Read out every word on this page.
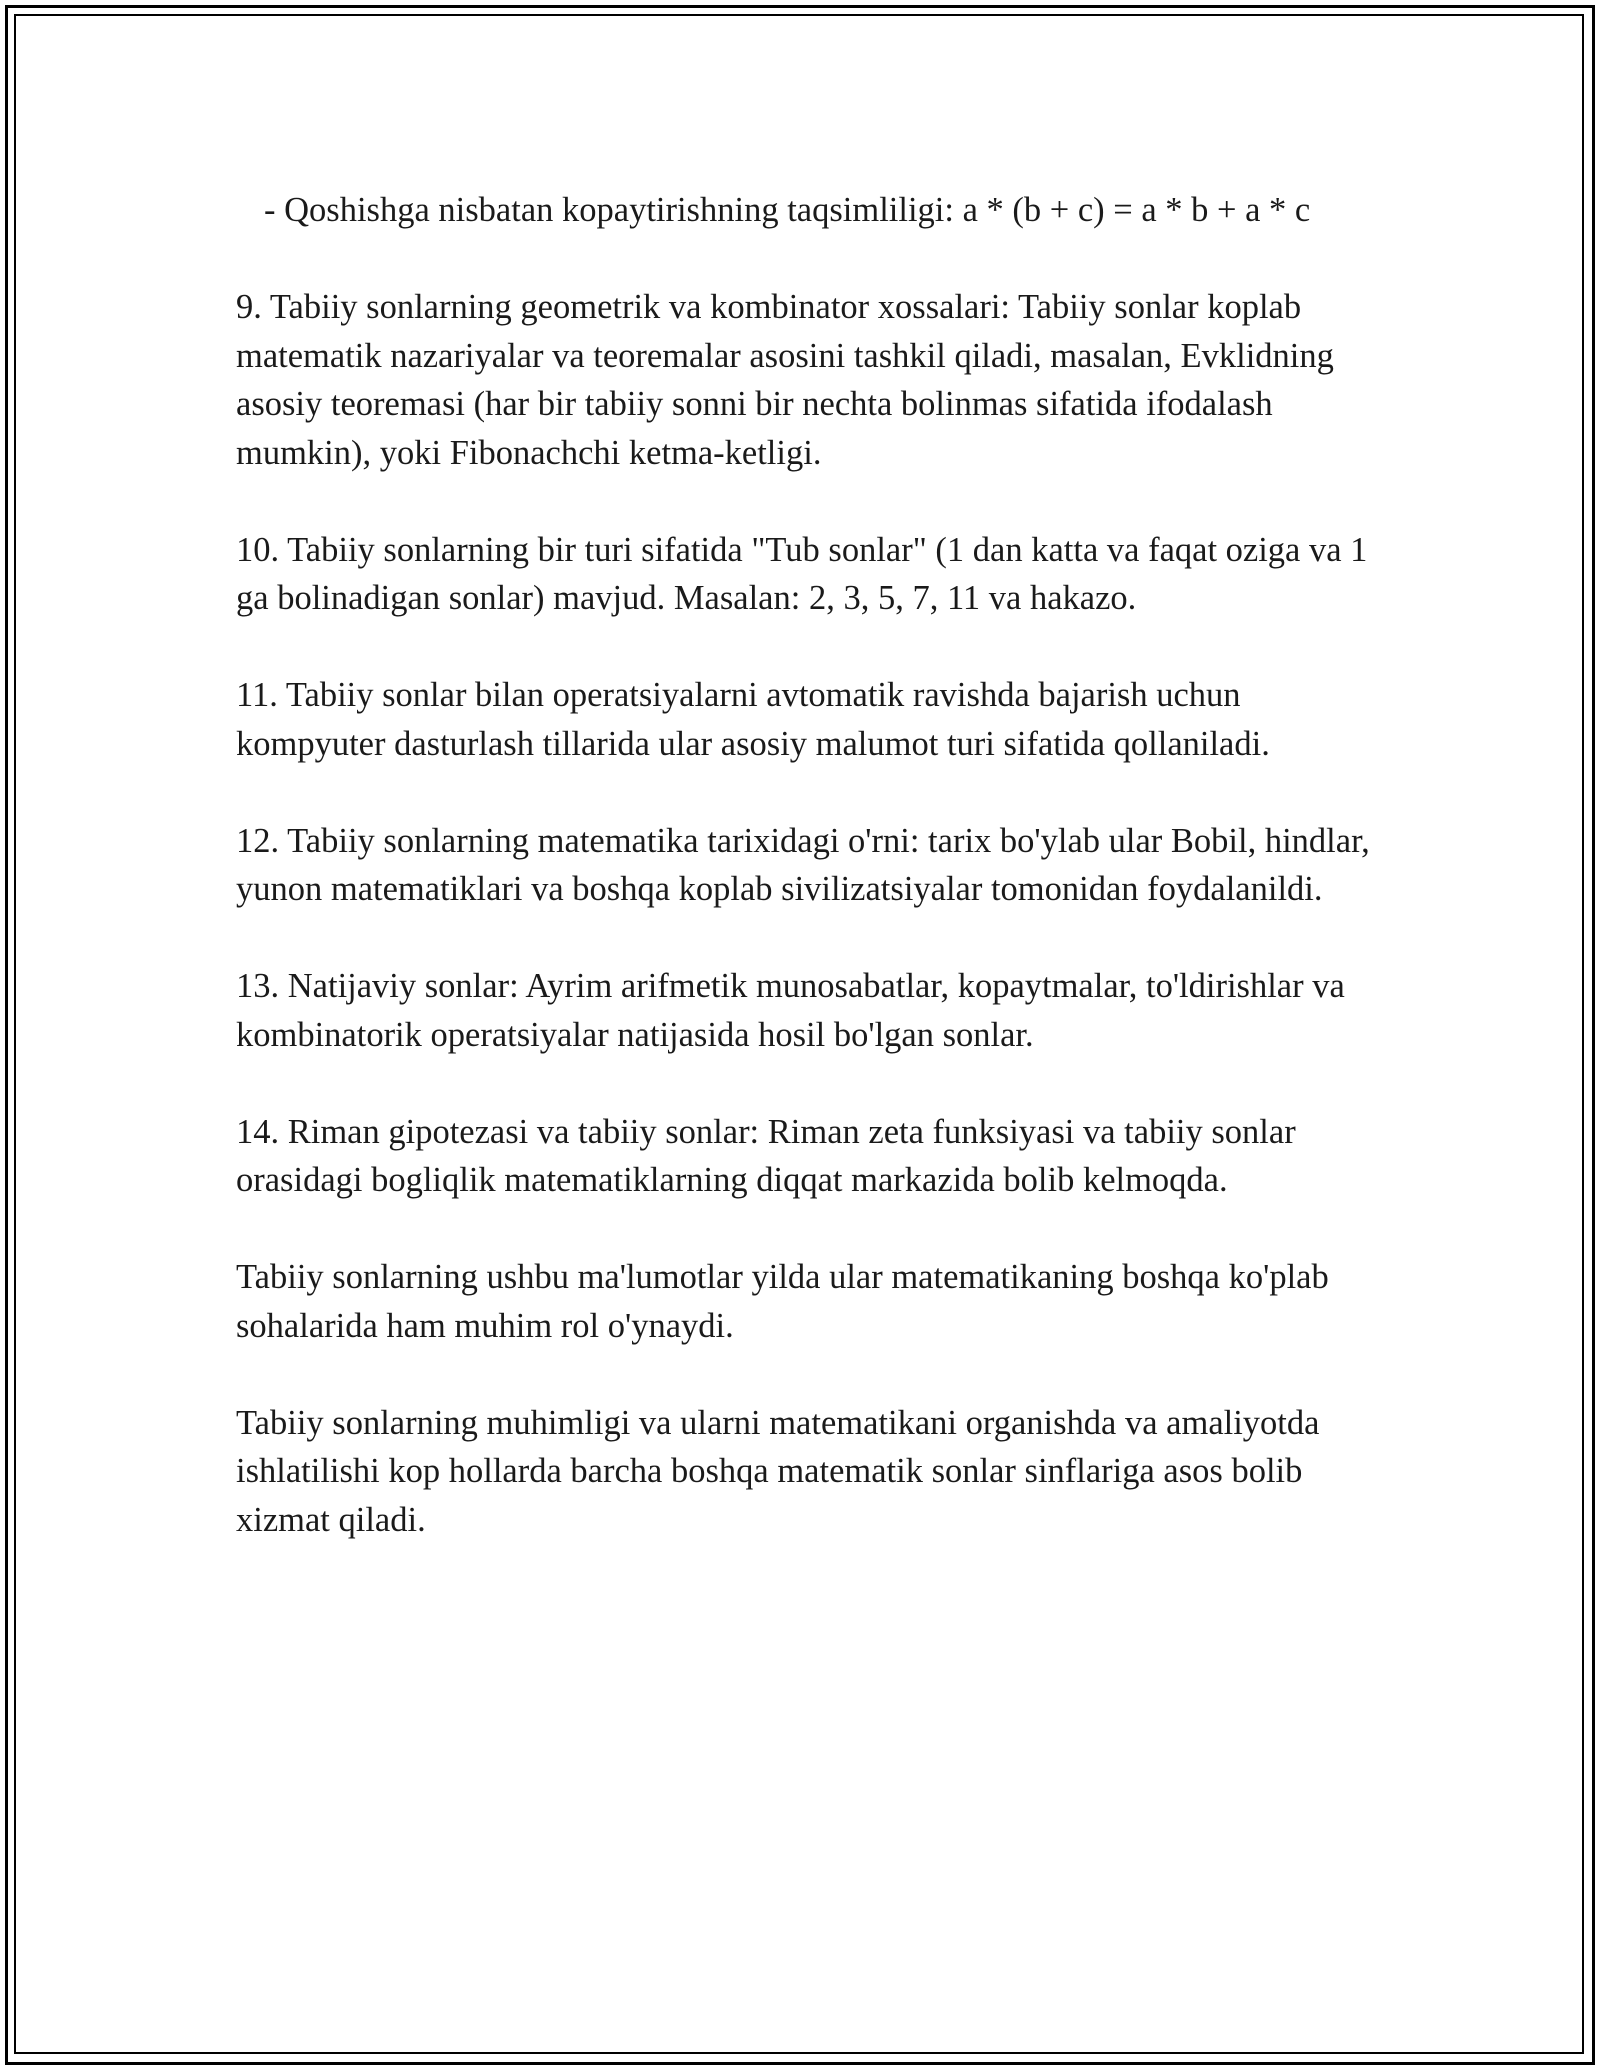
- Qoshishga nisbatan kopaytirishning taqsimliligi: a * (b + c) = a * b + a * c

9. Tabiiy sonlarning geometrik va kombinator xossalari: Tabiiy sonlar koplab matematik nazariyalar va teoremalar asosini tashkil qiladi, masalan, Evklidning asosiy teoremasi (har bir tabiiy sonni bir nechta bolinmas sifatida ifodalash mumkin), yoki Fibonachchi ketma-ketligi.

10. Tabiiy sonlarning bir turi sifatida "Tub sonlar" (1 dan katta va faqat oziga va 1 ga bolinadigan sonlar) mavjud. Masalan: 2, 3, 5, 7, 11 va hakazo.

11. Tabiiy sonlar bilan operatsiyalarni avtomatik ravishda bajarish uchun kompyuter dasturlash tillarida ular asosiy malumot turi sifatida qollaniladi.

12. Tabiiy sonlarning matematika tarixidagi o'rni: tarix bo'ylab ular Bobil, hindlar, yunon matematiklari va boshqa koplab sivilizatsiyalar tomonidan foydalanildi.

13. Natijaviy sonlar: Ayrim arifmetik munosabatlar, kopaytmalar, to'ldirishlar va kombinatorik operatsiyalar natijasida hosil bo'lgan sonlar.

14. Riman gipotezasi va tabiiy sonlar: Riman zeta funksiyasi va tabiiy sonlar orasidagi bogliqlik matematiklarning diqqat markazida bolib kelmoqda.

Tabiiy sonlarning ushbu ma'lumotlar yilda ular matematikaning boshqa ko'plab sohalarida ham muhim rol o'ynaydi.

Tabiiy sonlarning muhimligi va ularni matematikani organishda va amaliyotda ishlatilishi kop hollarda barcha boshqa matematik sonlar sinflariga asos bolib xizmat qiladi.
